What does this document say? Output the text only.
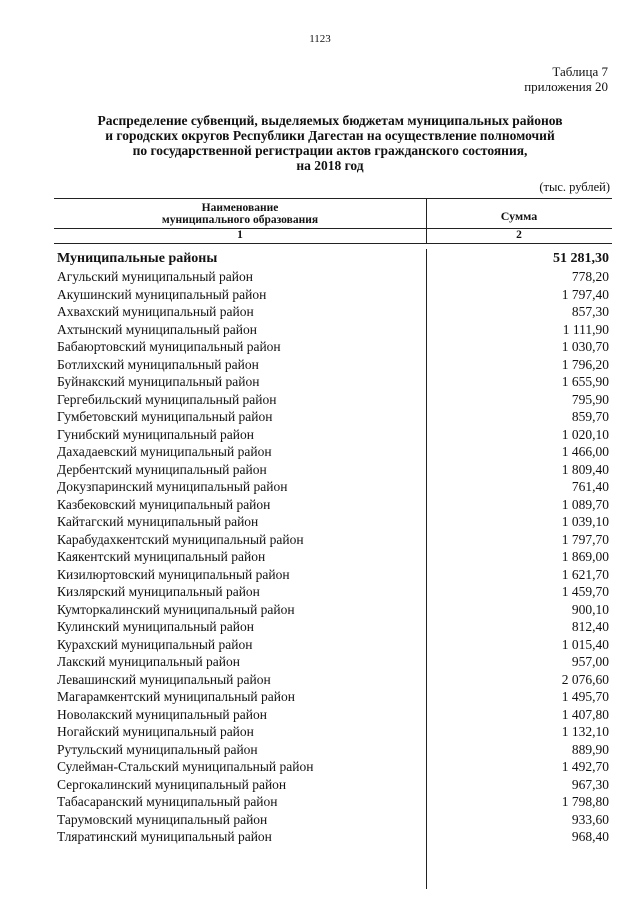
1123
Таблица 7
приложения 20
Распределение субвенций, выделяемых бюджетам муниципальных районов
и городских округов Республики Дагестан на осуществление полномочий
по государственной регистрации актов гражданского состояния,
на 2018 год
(тыс. рублей)
Наименование
муниципального образования	Сумма
1	2
Муниципальные районы	51 281,30
Агульский муниципальный район	778,20
Акушинский муниципальный район	1 797,40
Ахвахский муниципальный район	857,30
Ахтынский муниципальный район	1 111,90
Бабаюртовский муниципальный район	1 030,70
Ботлихский муниципальный район	1 796,20
Буйнакский муниципальный район	1 655,90
Гергебильский муниципальный район	795,90
Гумбетовский муниципальный район	859,70
Гунибский муниципальный район	1 020,10
Дахадаевский муниципальный район	1 466,00
Дербентский муниципальный район	1 809,40
Докузпаринский муниципальный район	761,40
Казбековский муниципальный район	1 089,70
Кайтагский муниципальный район	1 039,10
Карабудахкентский муниципальный район	1 797,70
Каякентский муниципальный район	1 869,00
Кизилюртовский муниципальный район	1 621,70
Кизлярский муниципальный район	1 459,70
Кумторкалинский муниципальный район	900,10
Кулинский муниципальный район	812,40
Курахский муниципальный район	1 015,40
Лакский муниципальный район	957,00
Левашинский муниципальный район	2 076,60
Магарамкентский муниципальный район	1 495,70
Новолакский муниципальный район	1 407,80
Ногайский муниципальный район	1 132,10
Рутульский муниципальный район	889,90
Сулейман-Стальский муниципальный район	1 492,70
Сергокалинский муниципальный район	967,30
Табасаранский муниципальный район	1 798,80
Тарумовский муниципальный район	933,60
Тляратинский муниципальный район	968,40
